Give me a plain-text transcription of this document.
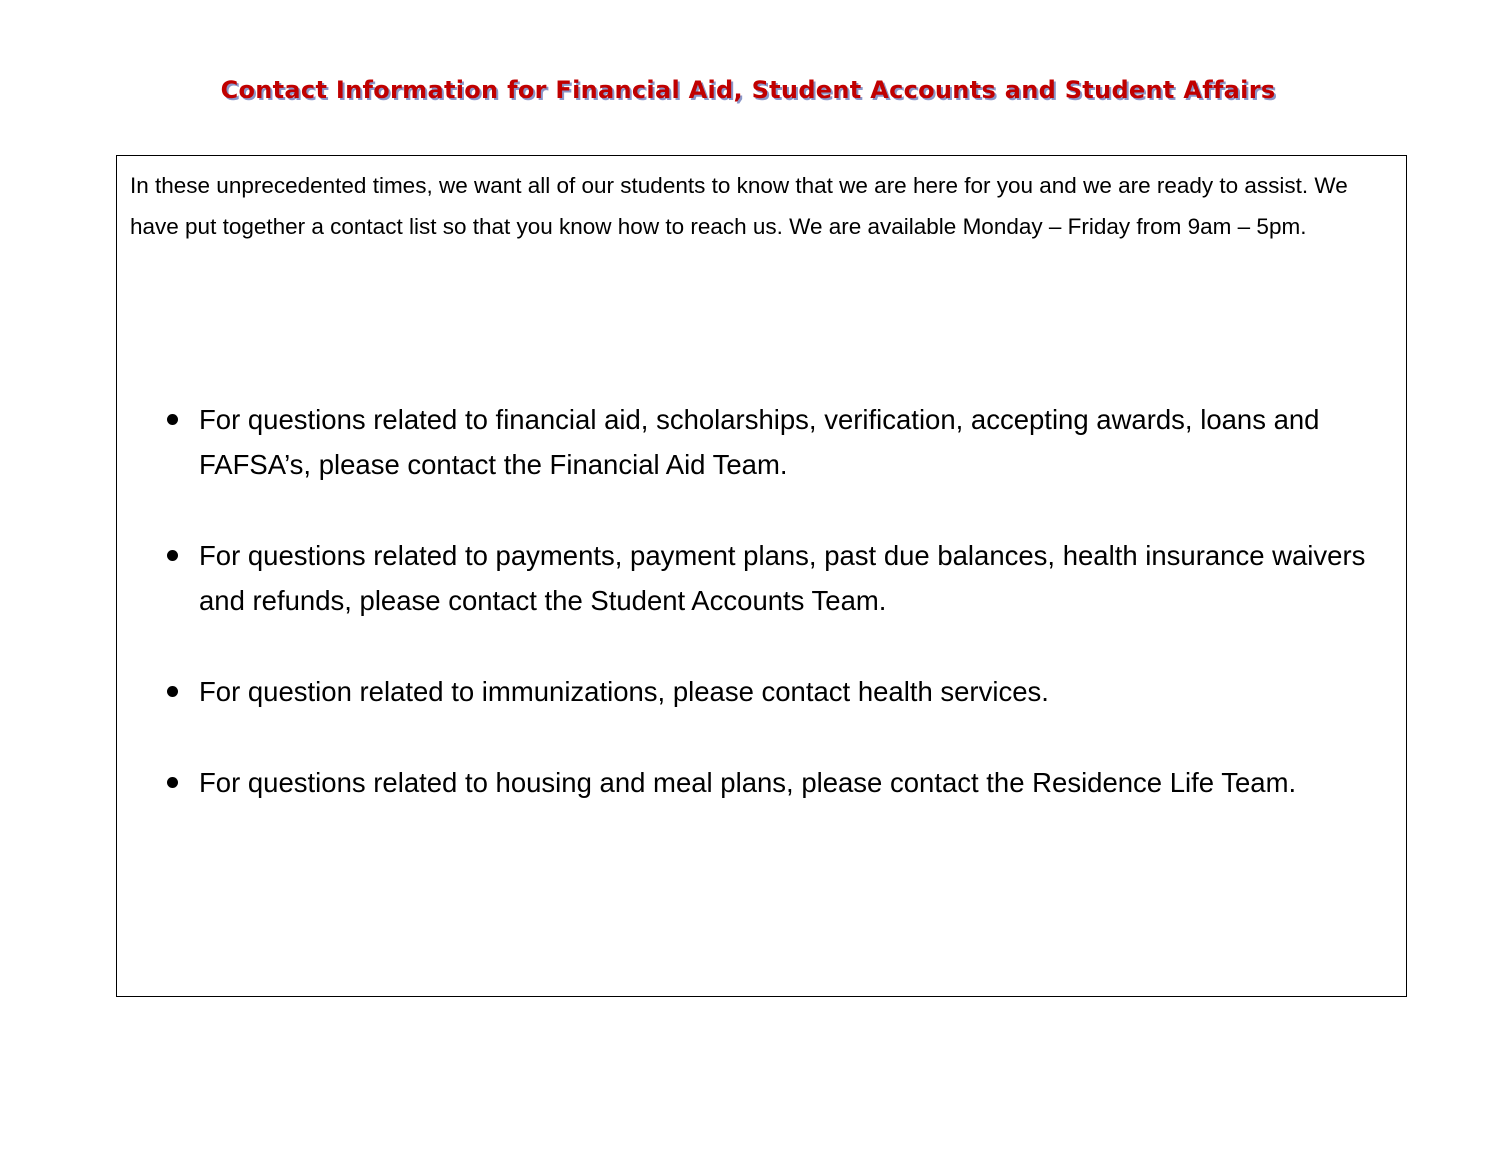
Contact Information for Financial Aid, Student Accounts and Student Affairs

In these unprecedented times, we want all of our students to know that we are here for you and we are ready to assist. We have put together a contact list so that you know how to reach us. We are available Monday – Friday from 9am – 5pm.

For questions related to financial aid, scholarships, verification, accepting awards, loans and FAFSA’s, please contact the Financial Aid Team.
For questions related to payments, payment plans, past due balances, health insurance waivers and refunds, please contact the Student Accounts Team.
For question related to immunizations, please contact health services.
For questions related to housing and meal plans, please contact the Residence Life Team.
